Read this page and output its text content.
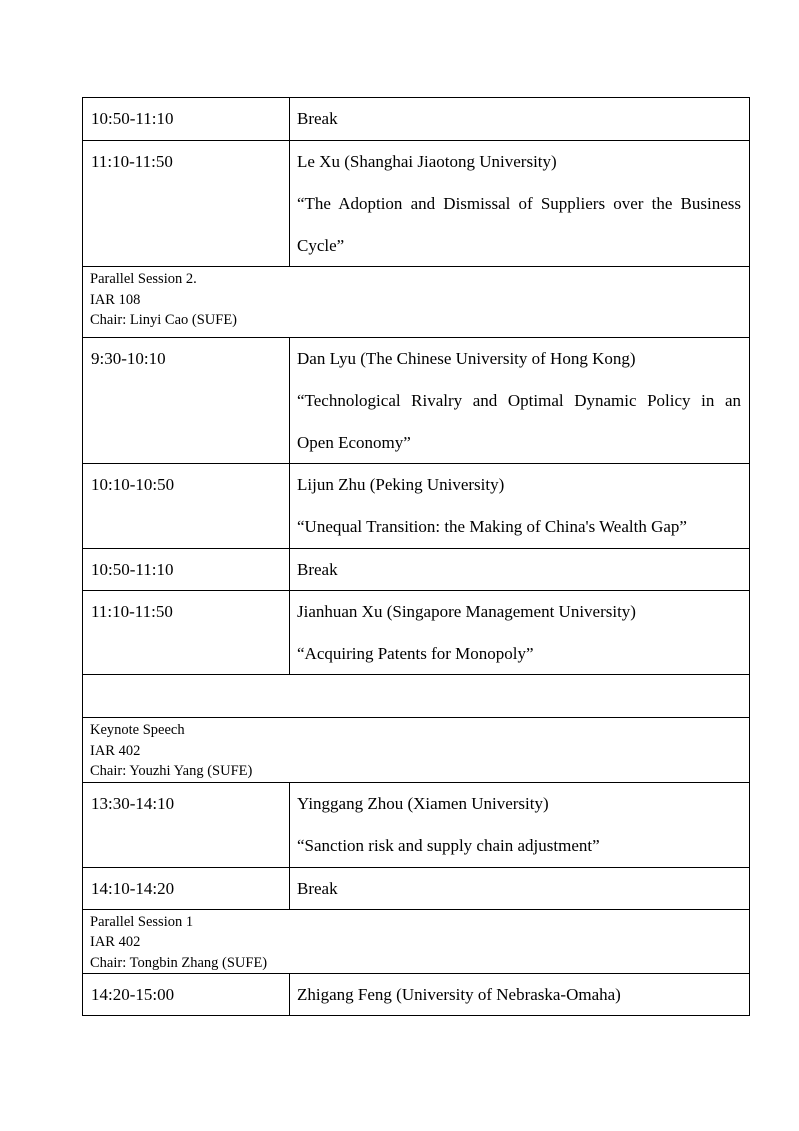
10:50-11:10	Break

11:10-11:50	Le Xu (Shanghai Jiaotong University)
“The Adoption and Dismissal of Suppliers over the Business
Cycle”

Parallel Session 2.
IAR 108
Chair: Linyi Cao (SUFE)	

9:30-10:10	Dan Lyu (The Chinese University of Hong Kong)
“Technological Rivalry and Optimal Dynamic Policy in an
Open Economy”

10:10-10:50	Lijun Zhu (Peking University)
“Unequal Transition: the Making of China's Wealth Gap”

10:50-11:10	Break

11:10-11:50	Jianhuan Xu (Singapore Management University)
“Acquiring Patents for Monopoly”

Keynote Speech
IAR 402
Chair: Youzhi Yang (SUFE)	

13:30-14:10	Yinggang Zhou (Xiamen University)
“Sanction risk and supply chain adjustment”

14:10-14:20	Break

Parallel Session 1
IAR 402
Chair: Tongbin Zhang (SUFE)	

14:20-15:00	Zhigang Feng (University of Nebraska-Omaha)
